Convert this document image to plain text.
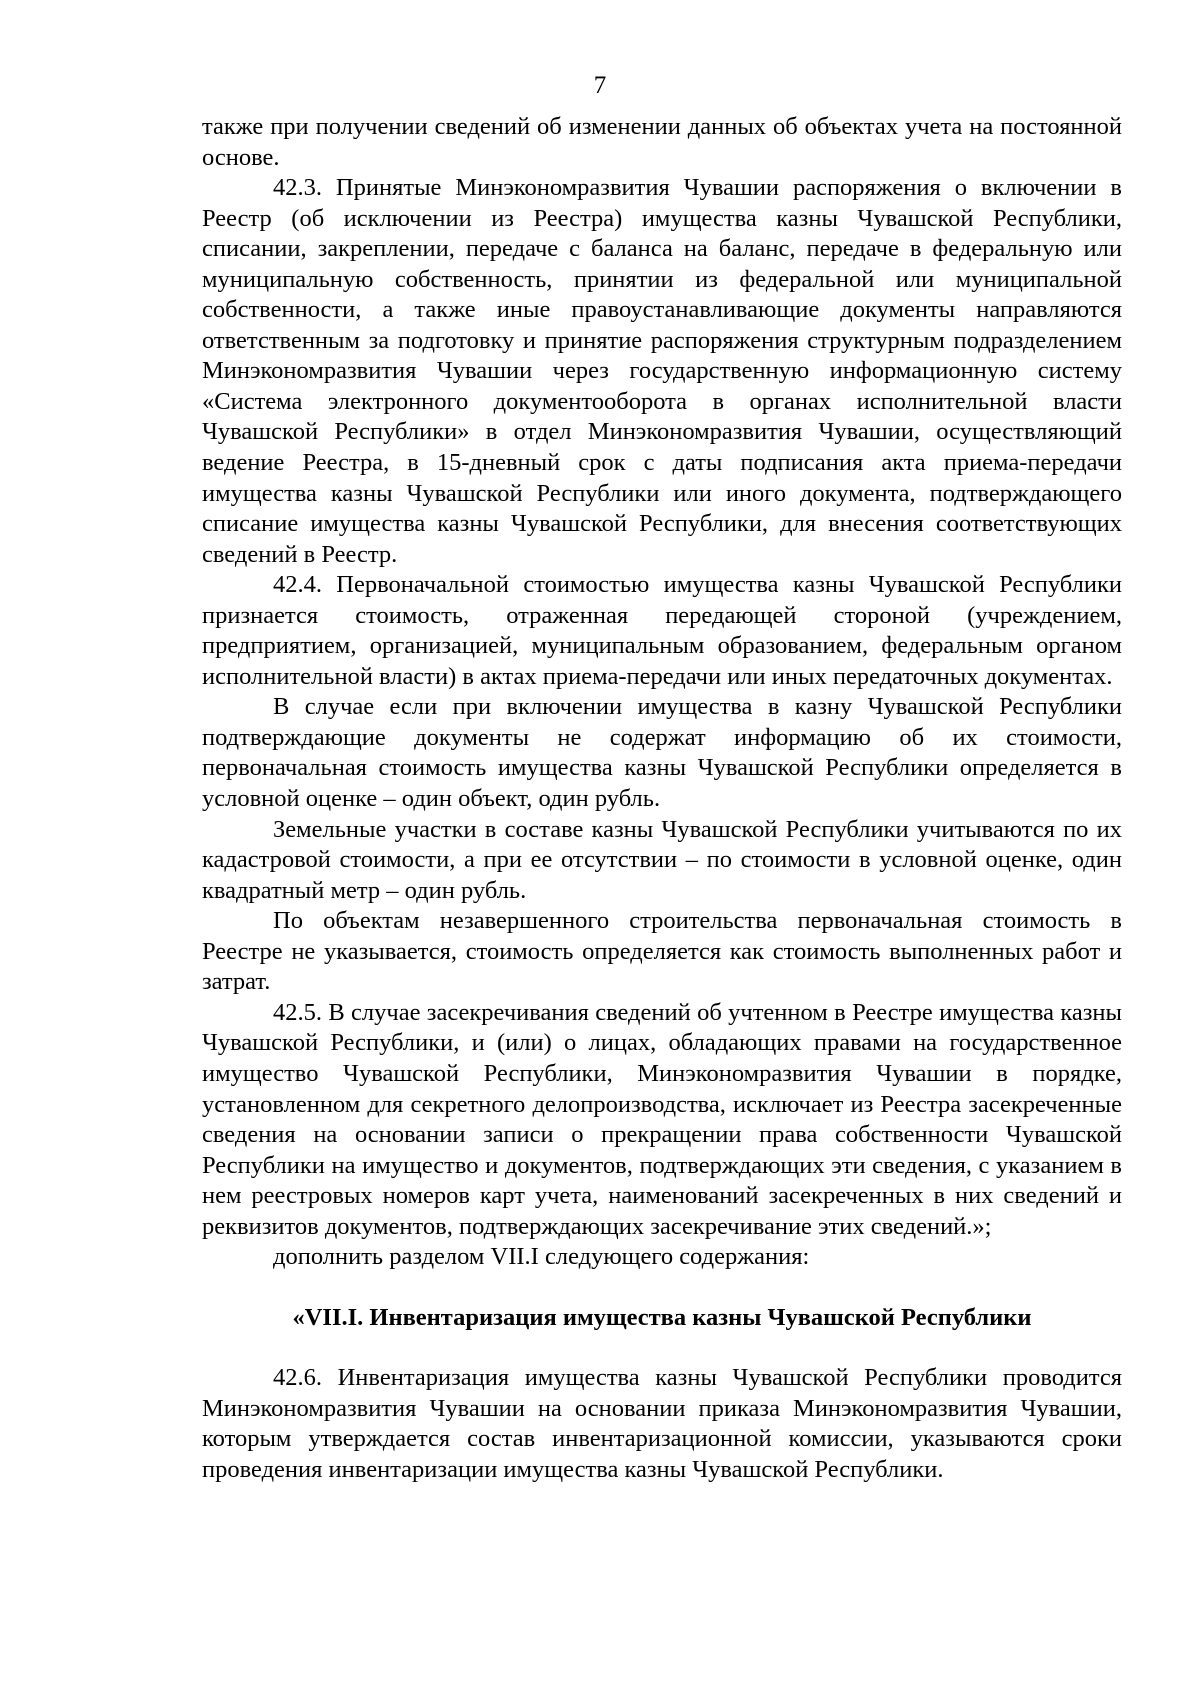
7

также при получении сведений об изменении данных об объектах учета на постоянной основе.

42.3. Принятые Минэкономразвития Чувашии распоряжения о включении в Реестр (об исключении из Реестра) имущества казны Чувашской Республики, списании, закреплении, передаче с баланса на баланс, передаче в федеральную или муниципальную собственность, принятии из федеральной или муниципальной собственности, а также иные правоустанавливающие документы направляются ответственным за подготовку и принятие распоряжения структурным подразделением Минэкономразвития Чувашии через государственную информационную систему «Система электронного документооборота в органах исполнительной власти Чувашской Республики» в отдел Минэкономразвития Чувашии, осуществляющий ведение Реестра, в 15-дневный срок с даты подписания акта приема-передачи имущества казны Чувашской Республики или иного документа, подтверждающего списание имущества казны Чувашской Республики, для внесения соответствующих сведений в Реестр.

42.4. Первоначальной стоимостью имущества казны Чувашской Республики признается стоимость, отраженная передающей стороной (учреждением, предприятием, организацией, муниципальным образованием, федеральным органом исполнительной власти) в актах приема-передачи или иных передаточных документах.

В случае если при включении имущества в казну Чувашской Республики подтверждающие документы не содержат информацию об их стоимости, первоначальная стоимость имущества казны Чувашской Республики определяется в условной оценке – один объект, один рубль.

Земельные участки в составе казны Чувашской Республики учитываются по их кадастровой стоимости, а при ее отсутствии – по стоимости в условной оценке, один квадратный метр – один рубль.

По объектам незавершенного строительства первоначальная стоимость в Реестре не указывается, стоимость определяется как стоимость выполненных работ и затрат.

42.5. В случае засекречивания сведений об учтенном в Реестре имущества казны Чувашской Республики, и (или) о лицах, обладающих правами на государственное имущество Чувашской Республики, Минэкономразвития Чувашии в порядке, установленном для секретного делопроизводства, исключает из Реестра засекреченные сведения на основании записи о прекращении права собственности Чувашской Республики на имущество и документов, подтверждающих эти сведения, с указанием в нем реестровых номеров карт учета, наименований засекреченных в них сведений и реквизитов документов, подтверждающих засекречивание этих сведений.»;

дополнить разделом VII.I следующего содержания:

«VII.I. Инвентаризация имущества казны Чувашской Республики

42.6. Инвентаризация имущества казны Чувашской Республики проводится Минэкономразвития Чувашии на основании приказа Минэкономразвития Чувашии, которым утверждается состав инвентаризационной комиссии, указываются сроки проведения инвентаризации имущества казны Чувашской Республики.
